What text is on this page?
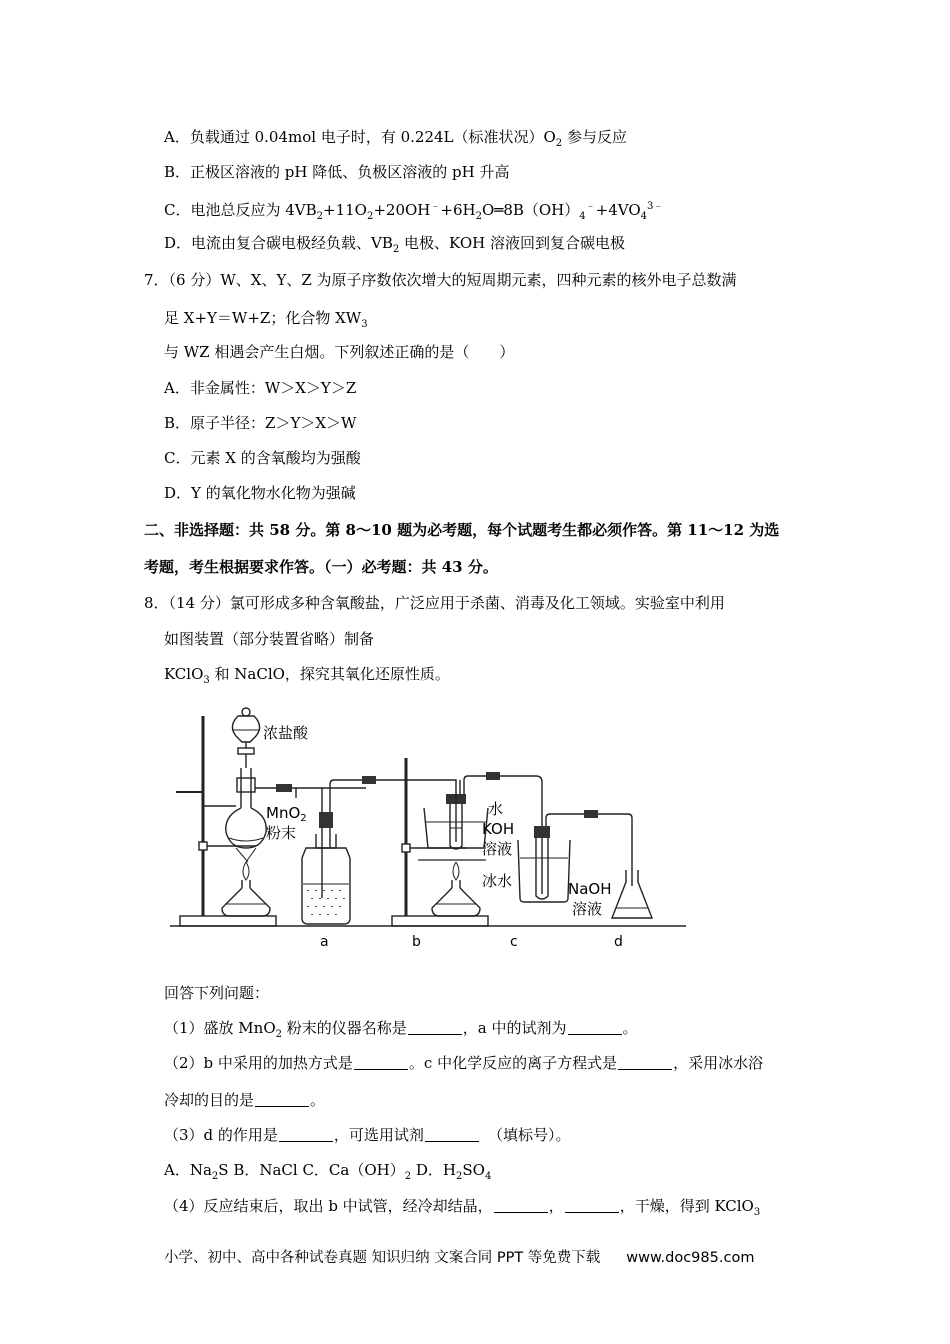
A．负载通过 0.04mol 电子时，有 0.224L（标准状况）$O_2$ 参与反应
B．正极区溶液的 pH 降低、负极区溶液的 pH 升高
C．电池总反应为 $4VB_2+11O_2+20OH^﹣+6H_2O═8B(OH)_4^﹣+4VO_4^{3﹣}$
D．电流由复合碳电极经负载、$VB_2$ 电极、KOH 溶液回到复合碳电极
7．（6 分）W、X、Y、Z 为原子序数依次增大的短周期元素，四种元素的核外电子总数满
足 X+Y＝W+Z；化合物 $XW_3$
与 WZ 相遇会产生白烟。下列叙述正确的是（　　）
A．非金属性：W＞X＞Y＞Z
B．原子半径：Z＞Y＞X＞W
C．元素 X 的含氧酸均为强酸
D．Y 的氧化物水化物为强碱
二、非选择题：共 58 分。第 8～10 题为必考题，每个试题考生都必须作答。第 11～12 为选
考题，考生根据要求作答。（一）必考题：共 43 分。
8．（14 分）氯可形成多种含氧酸盐，广泛应用于杀菌、消毒及化工领域。实验室中利用
如图装置（部分装置省略）制备
KClO$_3$ 和 NaClO，探究其氧化还原性质。
浓盐酸
MnO$_2$
粉末
水
KOH
溶液
冰水	NaOH
溶液
a	b	c	d
回答下列问题：
（1）盛放 MnO$_2$ 粉末的仪器名称是	，a 中的试剂为	。
（2）b 中采用的加热方式是	。c 中化学反应的离子方程式是	，采用冰水浴
冷却的目的是	。
（3）d 的作用是	，可选用试剂	（填标号）。
A．$Na_2S$ B．NaCl C．$Ca(OH)_2$ D．$H_2SO_4$
（4）反应结束后，取出 b 中试管，经冷却结晶，	，	，干燥，得到 KClO$_3$
小学、初中、高中各种试卷真题 知识归纳 文案合同 PPT 等免费下载 www.doc985.com
